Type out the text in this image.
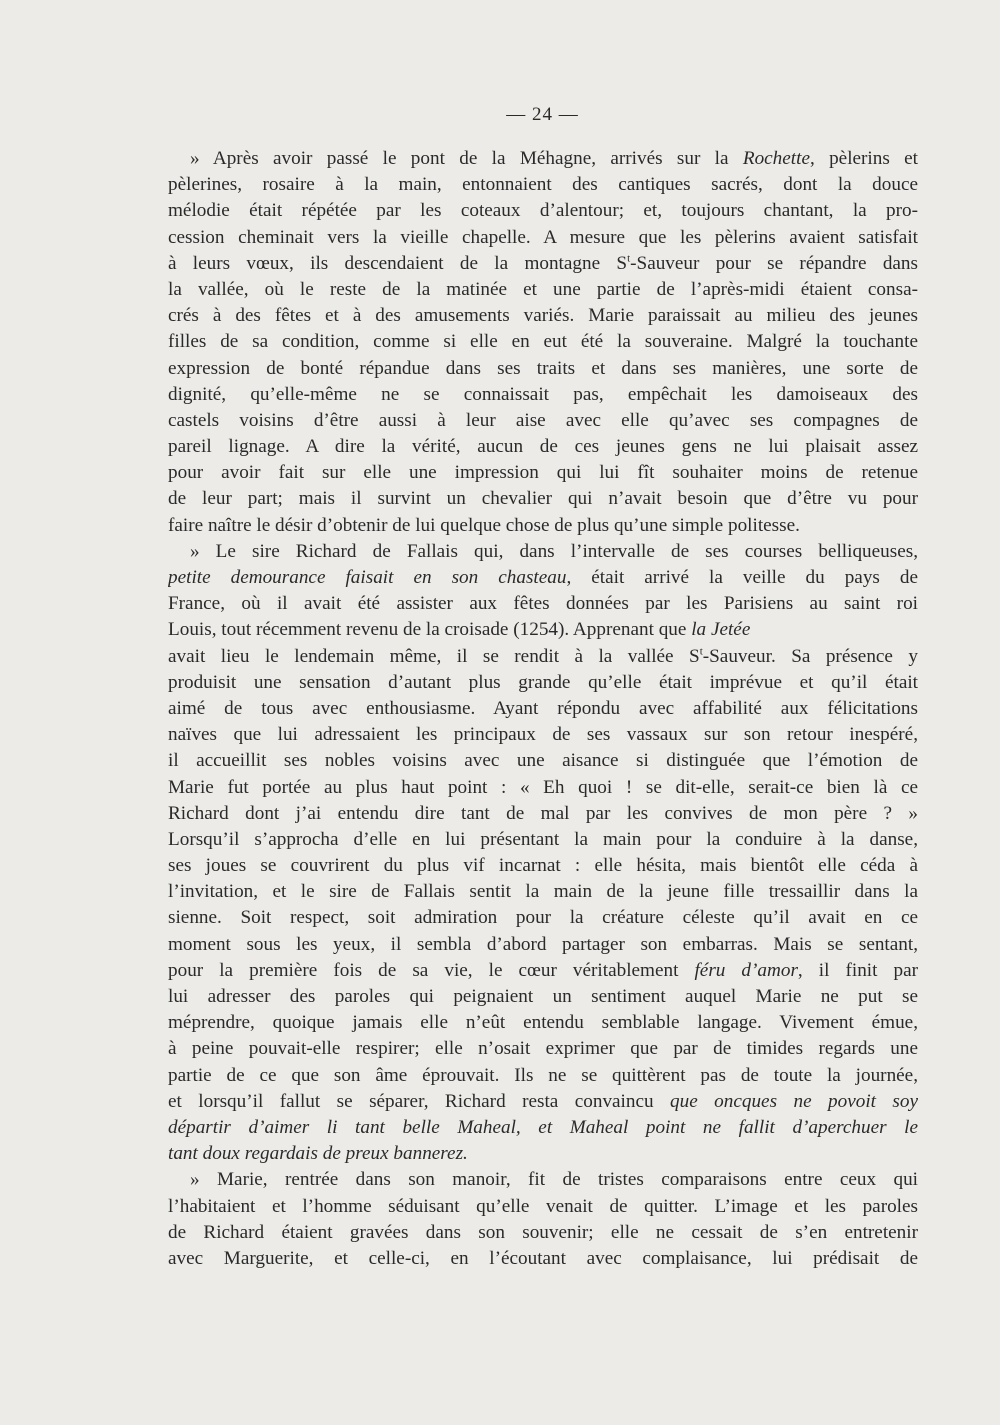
— 24 —
» Après avoir passé le pont de la Méhagne, arrivés sur la Rochette, pèlerins et
pèlerines, rosaire à la main, entonnaient des cantiques sacrés, dont la douce
mélodie était répétée par les coteaux d’alentour; et, toujours chantant, la pro-
cession cheminait vers la vieille chapelle. A mesure que les pèlerins avaient satisfait
à leurs vœux, ils descendaient de la montagne $S^t$-Sauveur pour se répandre dans
la vallée, où le reste de la matinée et une partie de l’après-midi étaient consa-
crés à des fêtes et à des amusements variés. Marie paraissait au milieu des jeunes
filles de sa condition, comme si elle en eut été la souveraine. Malgré la touchante
expression de bonté répandue dans ses traits et dans ses manières, une sorte de
dignité, qu’elle-même ne se connaissait pas, empêchait les damoiseaux des
castels voisins d’être aussi à leur aise avec elle qu’avec ses compagnes de
pareil lignage. A dire la vérité, aucun de ces jeunes gens ne lui plaisait assez
pour avoir fait sur elle une impression qui lui fît souhaiter moins de retenue
de leur part; mais il survint un chevalier qui n’avait besoin que d’être vu pour
faire naître le désir d’obtenir de lui quelque chose de plus qu’une simple politesse.
» Le sire Richard de Fallais qui, dans l’intervalle de ses courses belliqueuses,
petite demourance faisait en son chasteau, était arrivé la veille du pays de
France, où il avait été assister aux fêtes données par les Parisiens au saint roi
Louis, tout récemment revenu de la croisade (1254). Apprenant que la Jetée
avait lieu le lendemain même, il se rendit à la vallée $S^t$-Sauveur. Sa présence y
produisit une sensation d’autant plus grande qu’elle était imprévue et qu’il était
aimé de tous avec enthousiasme. Ayant répondu avec affabilité aux félicitations
naïves que lui adressaient les principaux de ses vassaux sur son retour inespéré,
il accueillit ses nobles voisins avec une aisance si distinguée que l’émotion de
Marie fut portée au plus haut point : « Eh quoi ! se dit-elle, serait-ce bien là ce
Richard dont j’ai entendu dire tant de mal par les convives de mon père ? »
Lorsqu’il s’approcha d’elle en lui présentant la main pour la conduire à la danse,
ses joues se couvrirent du plus vif incarnat : elle hésita, mais bientôt elle céda à
l’invitation, et le sire de Fallais sentit la main de la jeune fille tressaillir dans la
sienne. Soit respect, soit admiration pour la créature céleste qu’il avait en ce
moment sous les yeux, il sembla d’abord partager son embarras. Mais se sentant,
pour la première fois de sa vie, le cœur véritablement féru d’amor, il finit par
lui adresser des paroles qui peignaient un sentiment auquel Marie ne put se
méprendre, quoique jamais elle n’eût entendu semblable langage. Vivement émue,
à peine pouvait-elle respirer; elle n’osait exprimer que par de timides regards une
partie de ce que son âme éprouvait. Ils ne se quittèrent pas de toute la journée,
et lorsqu’il fallut se séparer, Richard resta convaincu que oncques ne povoit soy
départir d’aimer li tant belle Maheal, et Maheal point ne fallit d’aperchuer le
tant doux regardais de preux bannerez.
» Marie, rentrée dans son manoir, fit de tristes comparaisons entre ceux qui
l’habitaient et l’homme séduisant qu’elle venait de quitter. L’image et les paroles
de Richard étaient gravées dans son souvenir; elle ne cessait de s’en entretenir
avec Marguerite, et celle-ci, en l’écoutant avec complaisance, lui prédisait de
